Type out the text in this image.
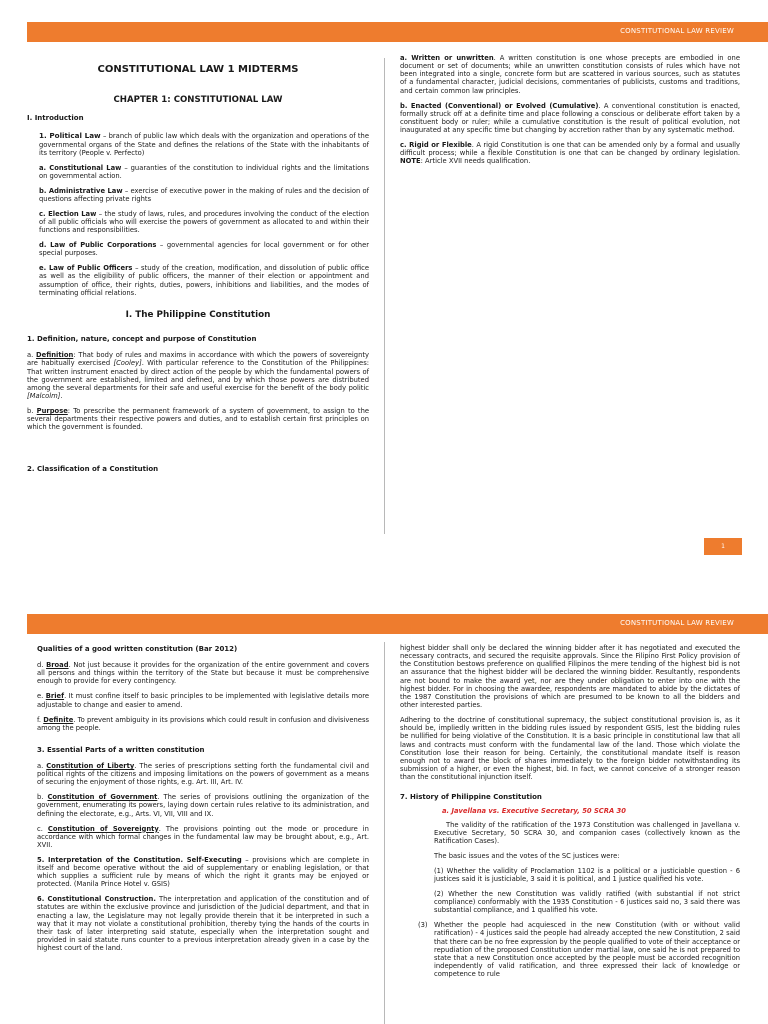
CONSTITUTIONAL LAW REVIEW

CONSTITUTIONAL LAW 1 MIDTERMS

CHAPTER 1: CONSTITUTIONAL LAW

I. Introduction

1. Political Law – branch of public law which deals with the organization and operations of the governmental organs of the State and defines the relations of the State with the inhabitants of its territory (People v. Perfecto)

a. Constitutional Law – guaranties of the constitution to individual rights and the limitations on governmental action.

b. Administrative Law – exercise of executive power in the making of rules and the decision of questions affecting private rights

c. Election Law – the study of laws, rules, and procedures involving the conduct of the election of all public officials who will exercise the powers of government as allocated to and within their functions and responsibilities.

d. Law of Public Corporations – governmental agencies for local government or for other special purposes.

e. Law of Public Officers – study of the creation, modification, and dissolution of public office as well as the eligibility of public officers, the manner of their election or appointment and assumption of office, their rights, duties, powers, inhibitions and liabilities, and the modes of terminating official relations.

I. The Philippine Constitution

1. Definition, nature, concept and purpose of Constitution

a. Definition: That body of rules and maxims in accordance with which the powers of sovereignty are habitually exercised [Cooley]. With particular reference to the Constitution of the Philippines: That written instrument enacted by direct action of the people by which the fundamental powers of the government are established, limited and defined, and by which those powers are distributed among the several departments for their safe and useful exercise for the benefit of the body politic [Malcolm].

b. Purpose: To prescribe the permanent framework of a system of government, to assign to the several departments their respective powers and duties, and to establish certain first principles on which the government is founded.

2. Classification of a Constitution

a. Written or unwritten. A written constitution is one whose precepts are embodied in one document or set of documents; while an unwritten constitution consists of rules which have not been integrated into a single, concrete form but are scattered in various sources, such as statutes of a fundamental character, judicial decisions, commentaries of publicists, customs and traditions, and certain common law principles.

b. Enacted (Conventional) or Evolved (Cumulative). A conventional constitution is enacted, formally struck off at a definite time and place following a conscious or deliberate effort taken by a constituent body or ruler; while a cumulative constitution is the result of political evolution, not inaugurated at any specific time but changing by accretion rather than by any systematic method.

c. Rigid or Flexible. A rigid Constitution is one that can be amended only by a formal and usually difficult process; while a flexible Constitution is one that can be changed by ordinary legislation. NOTE: Article XVII needs qualification.

1
CONSTITUTIONAL LAW REVIEW

Qualities of a good written constitution (Bar 2012)

d. Broad. Not just because it provides for the organization of the entire government and covers all persons and things within the territory of the State but because it must be comprehensive enough to provide for every contingency.

e. Brief. It must confine itself to basic principles to be implemented with legislative details more adjustable to change and easier to amend.

f. Definite. To prevent ambiguity in its provisions which could result in confusion and divisiveness among the people.

3. Essential Parts of a written constitution

a. Constitution of Liberty. The series of prescriptions setting forth the fundamental civil and political rights of the citizens and imposing limitations on the powers of government as a means of securing the enjoyment of those rights, e.g. Art. III, Art. IV.

b. Constitution of Government. The series of provisions outlining the organization of the government, enumerating its powers, laying down certain rules relative to its administration, and defining the electorate, e.g., Arts. VI, VII, VIII and IX.

c. Constitution of Sovereignty. The provisions pointing out the mode or procedure in accordance with which formal changes in the fundamental law may be brought about, e.g., Art. XVII.

5. Interpretation of the Constitution. Self-Executing – provisions which are complete in itself and become operative without the aid of supplementary or enabling legislation, or that which supplies a sufficient rule by means of which the right it grants may be enjoyed or protected. (Manila Prince Hotel v. GSIS)

6. Constitutional Construction. The interpretation and application of the constitution and of statutes are within the exclusive province and jurisdiction of the Judicial department, and that in enacting a law, the Legislature may not legally provide therein that it be interpreted in such a way that it may not violate a constitutional prohibition, thereby tying the hands of the courts in their task of later interpreting said statute, especially when the interpretation sought and provided in said statute runs counter to a previous interpretation already given in a case by the highest court of the land.

highest bidder shall only be declared the winning bidder after it has negotiated and executed the necessary contracts, and secured the requisite approvals. Since the Filipino First Policy provision of the Constitution bestows preference on qualified Filipinos the mere tending of the highest bid is not an assurance that the highest bidder will be declared the winning bidder. Resultantly, respondents are not bound to make the award yet, nor are they under obligation to enter into one with the highest bidder. For in choosing the awardee, respondents are mandated to abide by the dictates of the 1987 Constitution the provisions of which are presumed to be known to all the bidders and other interested parties.

Adhering to the doctrine of constitutional supremacy, the subject constitutional provision is, as it should be, impliedly written in the bidding rules issued by respondent GSIS, lest the bidding rules be nullified for being violative of the Constitution. It is a basic principle in constitutional law that all laws and contracts must conform with the fundamental law of the land. Those which violate the Constitution lose their reason for being. Certainly, the constitutional mandate itself is reason enough not to award the block of shares immediately to the foreign bidder notwithstanding its submission of a higher, or even the highest, bid. In fact, we cannot conceive of a stronger reason than the constitutional injunction itself.

7. History of Philippine Constitution

a. Javellana vs. Executive Secretary, 50 SCRA 30

The validity of the ratification of the 1973 Constitution was challenged in Javellana v. Executive Secretary, 50 SCRA 30, and companion cases (collectively known as the Ratification Cases).

The basic issues and the votes of the SC justices were:

(1) Whether the validity of Proclamation 1102 is a political or a justiciable question - 6 justices said it is justiciable, 3 said it is political, and 1 justice qualified his vote.

(2) Whether the new Constitution was validly ratified (with substantial if not strict compliance) conformably with the 1935 Constitution - 6 justices said no, 3 said there was substantial compliance, and 1 qualified his vote.

(3) Whether the people had acquiesced in the new Constitution (with or without valid ratification) - 4 justices said the people had already accepted the new Constitution, 2 said that there can be no free expression by the people qualified to vote of their acceptance or repudiation of the proposed Constitution under martial law, one said he is not prepared to state that a new Constitution once accepted by the people must be accorded recognition independently of valid ratification, and three expressed their lack of knowledge or competence to rule
